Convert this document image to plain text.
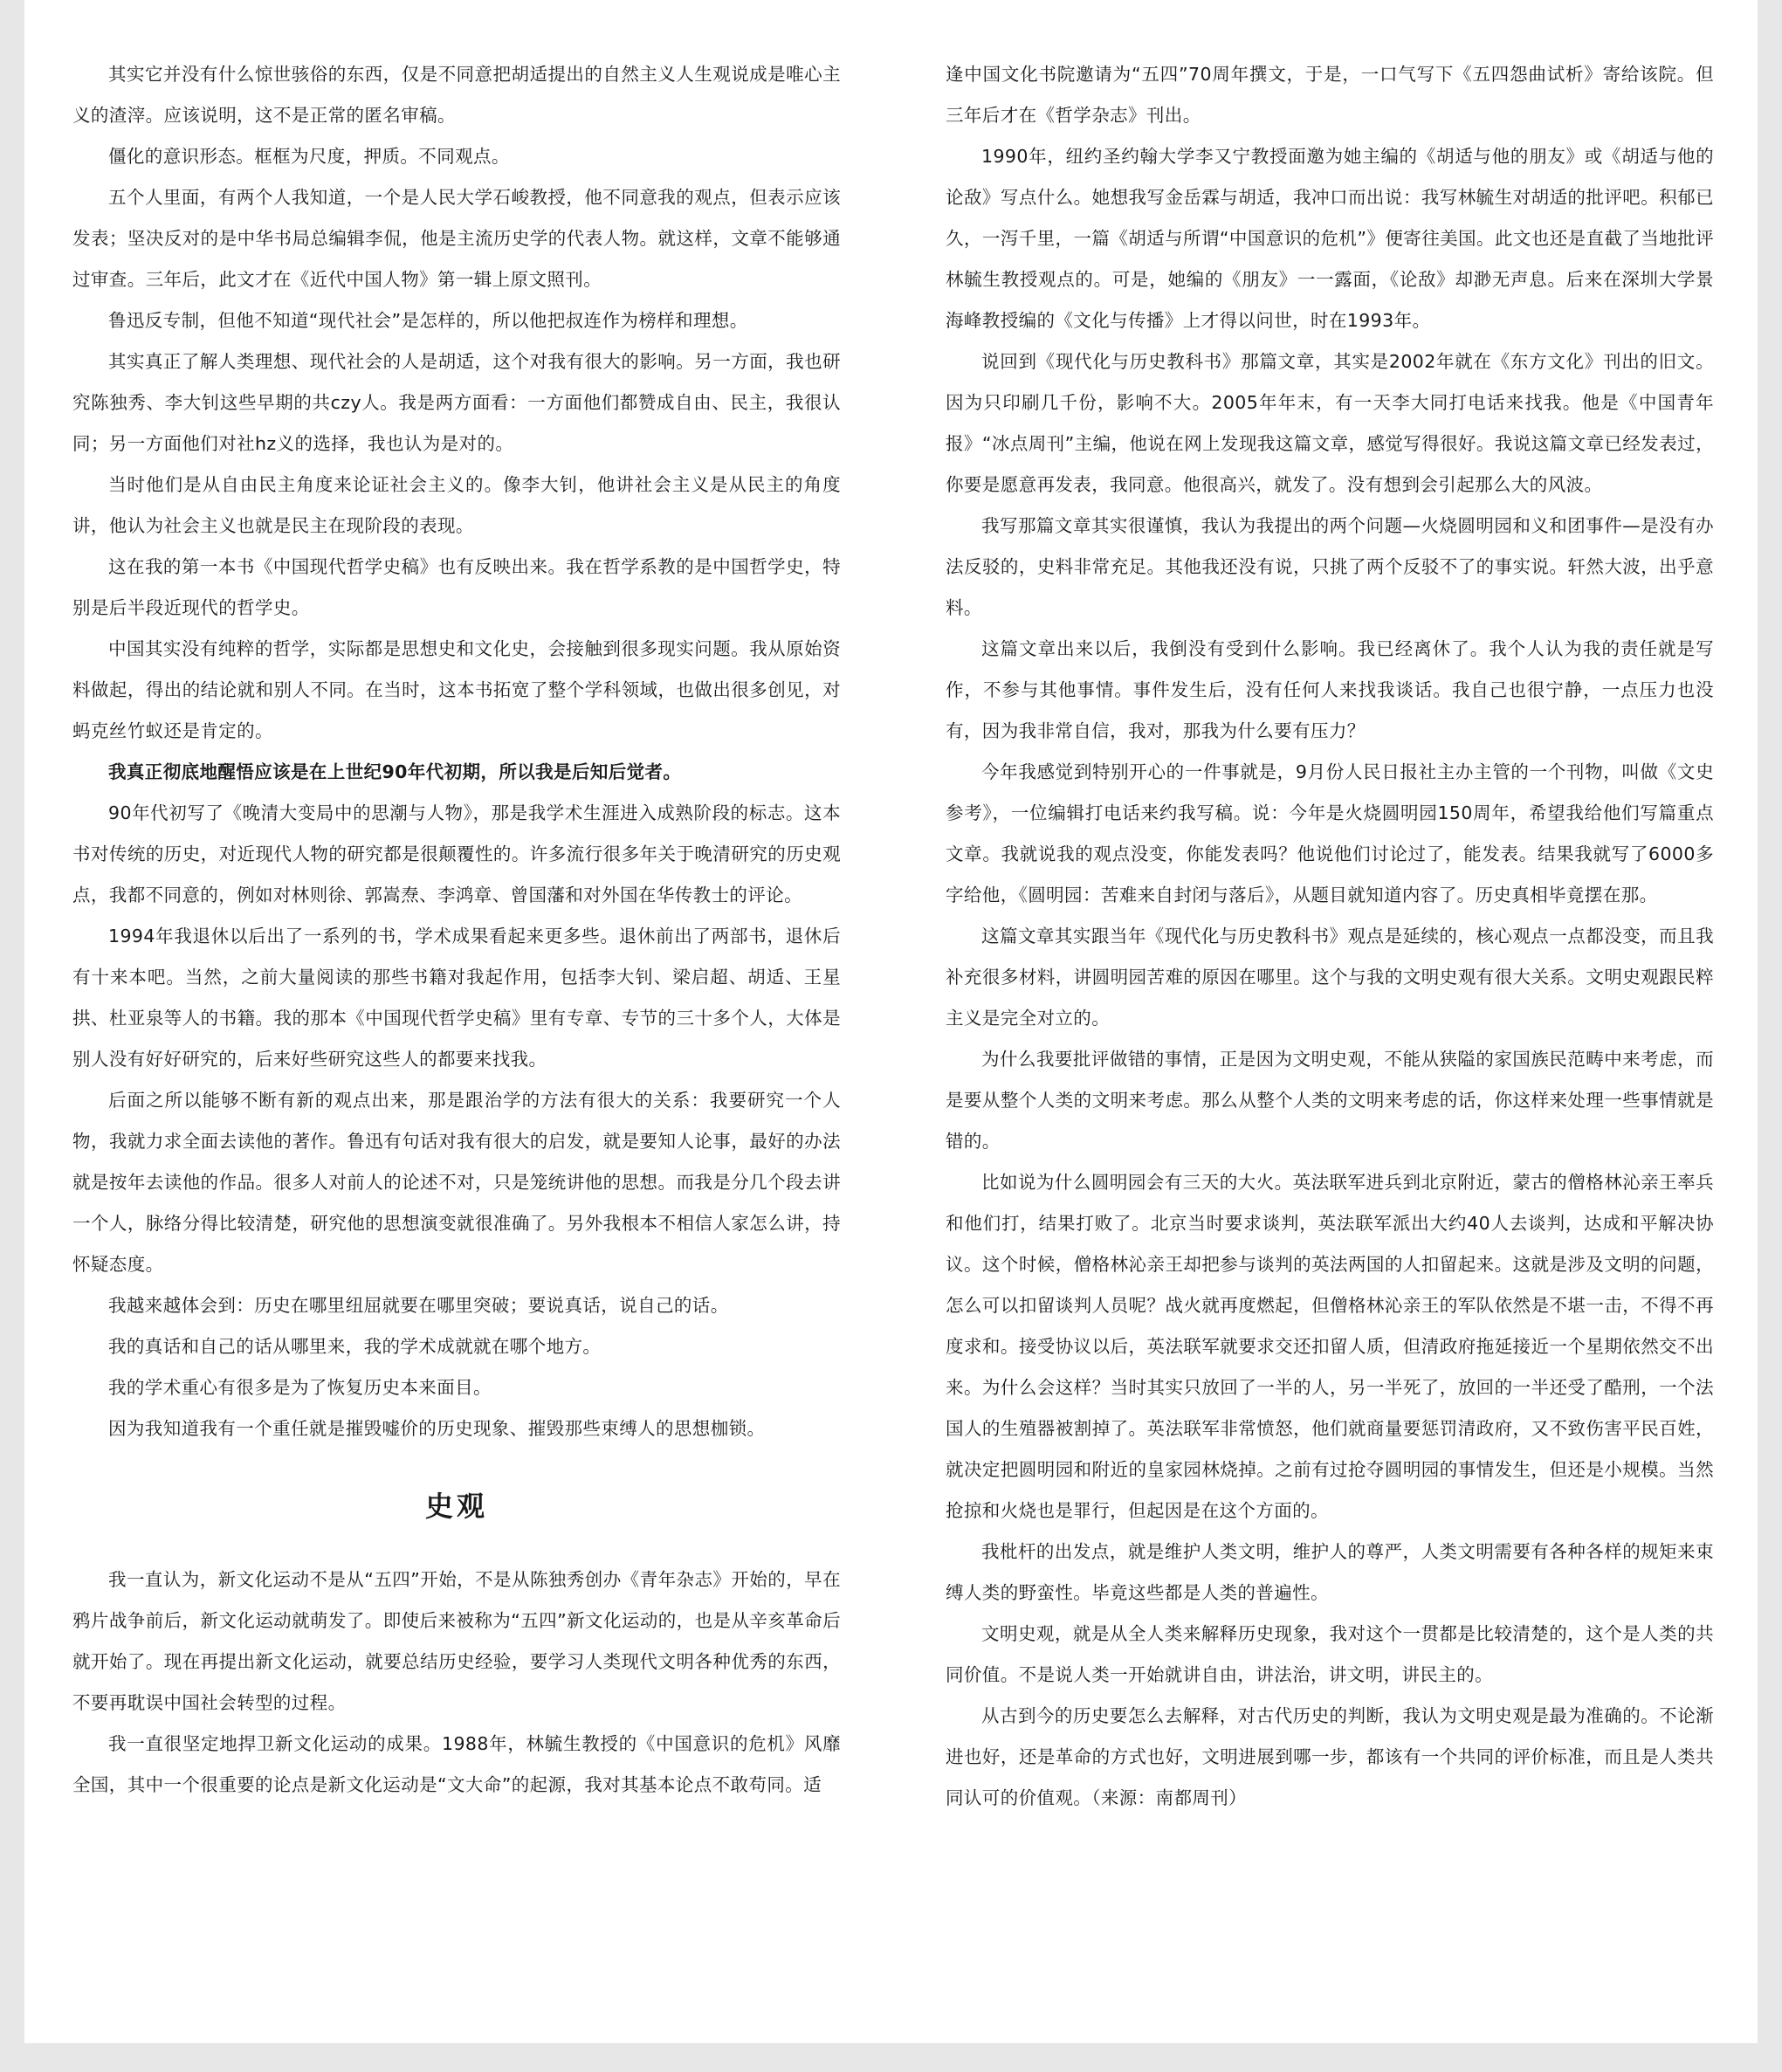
其实它并没有什么惊世骇俗的东西，仅是不同意把胡适提出的自然主义人生观说成是唯心主义的渣滓。应该说明，这不是正常的匿名审稿。

僵化的意识形态。框框为尺度，押质。不同观点。

五个人里面，有两个人我知道，一个是人民大学石峻教授，他不同意我的观点，但表示应该发表；坚决反对的是中华书局总编辑李侃，他是主流历史学的代表人物。就这样，文章不能够通过审查。三年后，此文才在《近代中国人物》第一辑上原文照刊。

鲁迅反专制，但他不知道“现代社会”是怎样的，所以他把叔连作为榜样和理想。

其实真正了解人类理想、现代社会的人是胡适，这个对我有很大的影响。另一方面，我也研究陈独秀、李大钊这些早期的共czy人。我是两方面看：一方面他们都赞成自由、民主，我很认同；另一方面他们对社hz义的选择，我也认为是对的。

当时他们是从自由民主角度来论证社会主义的。像李大钊，他讲社会主义是从民主的角度讲，他认为社会主义也就是民主在现阶段的表现。

这在我的第一本书《中国现代哲学史稿》也有反映出来。我在哲学系教的是中国哲学史，特别是后半段近现代的哲学史。

中国其实没有纯粹的哲学，实际都是思想史和文化史，会接触到很多现实问题。我从原始资料做起，得出的结论就和别人不同。在当时，这本书拓宽了整个学科领域，也做出很多创见，对蚂克丝竹蚁还是肯定的。

我真正彻底地醒悟应该是在上世纪90年代初期，所以我是后知后觉者。

90年代初写了《晚清大变局中的思潮与人物》，那是我学术生涯进入成熟阶段的标志。这本书对传统的历史，对近现代人物的研究都是很颠覆性的。许多流行很多年关于晚清研究的历史观点，我都不同意的，例如对林则徐、郭嵩焘、李鸿章、曾国藩和对外国在华传教士的评论。

1994年我退休以后出了一系列的书，学术成果看起来更多些。退休前出了两部书，退休后有十来本吧。当然，之前大量阅读的那些书籍对我起作用，包括李大钊、梁启超、胡适、王星拱、杜亚泉等人的书籍。我的那本《中国现代哲学史稿》里有专章、专节的三十多个人，大体是别人没有好好研究的，后来好些研究这些人的都要来找我。

后面之所以能够不断有新的观点出来，那是跟治学的方法有很大的关系：我要研究一个人物，我就力求全面去读他的著作。鲁迅有句话对我有很大的启发，就是要知人论事，最好的办法就是按年去读他的作品。很多人对前人的论述不对，只是笼统讲他的思想。而我是分几个段去讲一个人，脉络分得比较清楚，研究他的思想演变就很准确了。另外我根本不相信人家怎么讲，持怀疑态度。

我越来越体会到：历史在哪里纽屈就要在哪里突破；要说真话，说自己的话。

我的真话和自己的话从哪里来，我的学术成就就在哪个地方。

我的学术重心有很多是为了恢复历史本来面目。

因为我知道我有一个重任就是摧毁嘘价的历史现象、摧毁那些束缚人的思想枷锁。

史观

我一直认为，新文化运动不是从“五四”开始，不是从陈独秀创办《青年杂志》开始的，早在鸦片战争前后，新文化运动就萌发了。即使后来被称为“五四”新文化运动的，也是从辛亥革命后就开始了。现在再提出新文化运动，就要总结历史经验，要学习人类现代文明各种优秀的东西，不要再耽误中国社会转型的过程。

我一直很坚定地捍卫新文化运动的成果。1988年，林毓生教授的《中国意识的危机》风靡全国，其中一个很重要的论点是新文化运动是“文大命”的起源，我对其基本论点不敢苟同。适

逢中国文化书院邀请为“五四”70周年撰文，于是，一口气写下《五四怨曲试析》寄给该院。但三年后才在《哲学杂志》刊出。

1990年，纽约圣约翰大学李又宁教授面邀为她主编的《胡适与他的朋友》或《胡适与他的论敌》写点什么。她想我写金岳霖与胡适，我冲口而出说：我写林毓生对胡适的批评吧。积郁已久，一泻千里，一篇《胡适与所谓“中国意识的危机”》便寄往美国。此文也还是直截了当地批评林毓生教授观点的。可是，她编的《朋友》一一露面，《论敌》却渺无声息。后来在深圳大学景海峰教授编的《文化与传播》上才得以问世，时在1993年。

说回到《现代化与历史教科书》那篇文章，其实是2002年就在《东方文化》刊出的旧文。因为只印刷几千份，影响不大。2005年年末，有一天李大同打电话来找我。他是《中国青年报》“冰点周刊”主编，他说在网上发现我这篇文章，感觉写得很好。我说这篇文章已经发表过，你要是愿意再发表，我同意。他很高兴，就发了。没有想到会引起那么大的风波。

我写那篇文章其实很谨慎，我认为我提出的两个问题—火烧圆明园和义和团事件—是没有办法反驳的，史料非常充足。其他我还没有说，只挑了两个反驳不了的事实说。轩然大波，出乎意料。

这篇文章出来以后，我倒没有受到什么影响。我已经离休了。我个人认为我的责任就是写作，不参与其他事情。事件发生后，没有任何人来找我谈话。我自己也很宁静，一点压力也没有，因为我非常自信，我对，那我为什么要有压力？

今年我感觉到特别开心的一件事就是，9月份人民日报社主办主管的一个刊物，叫做《文史参考》，一位编辑打电话来约我写稿。说：今年是火烧圆明园150周年，希望我给他们写篇重点文章。我就说我的观点没变，你能发表吗？他说他们讨论过了，能发表。结果我就写了6000多字给他，《圆明园：苦难来自封闭与落后》，从题目就知道内容了。历史真相毕竟摆在那。

这篇文章其实跟当年《现代化与历史教科书》观点是延续的，核心观点一点都没变，而且我补充很多材料，讲圆明园苦难的原因在哪里。这个与我的文明史观有很大关系。文明史观跟民粹主义是完全对立的。

为什么我要批评做错的事情，正是因为文明史观，不能从狭隘的家国族民范畴中来考虑，而是要从整个人类的文明来考虑。那么从整个人类的文明来考虑的话，你这样来处理一些事情就是错的。

比如说为什么圆明园会有三天的大火。英法联军进兵到北京附近，蒙古的僧格林沁亲王率兵和他们打，结果打败了。北京当时要求谈判，英法联军派出大约40人去谈判，达成和平解决协议。这个时候，僧格林沁亲王却把参与谈判的英法两国的人扣留起来。这就是涉及文明的问题，怎么可以扣留谈判人员呢？战火就再度燃起，但僧格林沁亲王的军队依然是不堪一击，不得不再度求和。接受协议以后，英法联军就要求交还扣留人质，但清政府拖延接近一个星期依然交不出来。为什么会这样？当时其实只放回了一半的人，另一半死了，放回的一半还受了酷刑，一个法国人的生殖器被割掉了。英法联军非常愤怒，他们就商量要惩罚清政府，又不致伤害平民百姓，就决定把圆明园和附近的皇家园林烧掉。之前有过抢夺圆明园的事情发生，但还是小规模。当然抢掠和火烧也是罪行，但起因是在这个方面的。

我枇杆的出发点，就是维护人类文明，维护人的尊严，人类文明需要有各种各样的规矩来束缚人类的野蛮性。毕竟这些都是人类的普遍性。

文明史观，就是从全人类来解释历史现象，我对这个一贯都是比较清楚的，这个是人类的共同价值。不是说人类一开始就讲自由，讲法治，讲文明，讲民主的。

从古到今的历史要怎么去解释，对古代历史的判断，我认为文明史观是最为准确的。不论渐进也好，还是革命的方式也好，文明进展到哪一步，都该有一个共同的评价标准，而且是人类共同认可的价值观。（来源：南都周刊）
